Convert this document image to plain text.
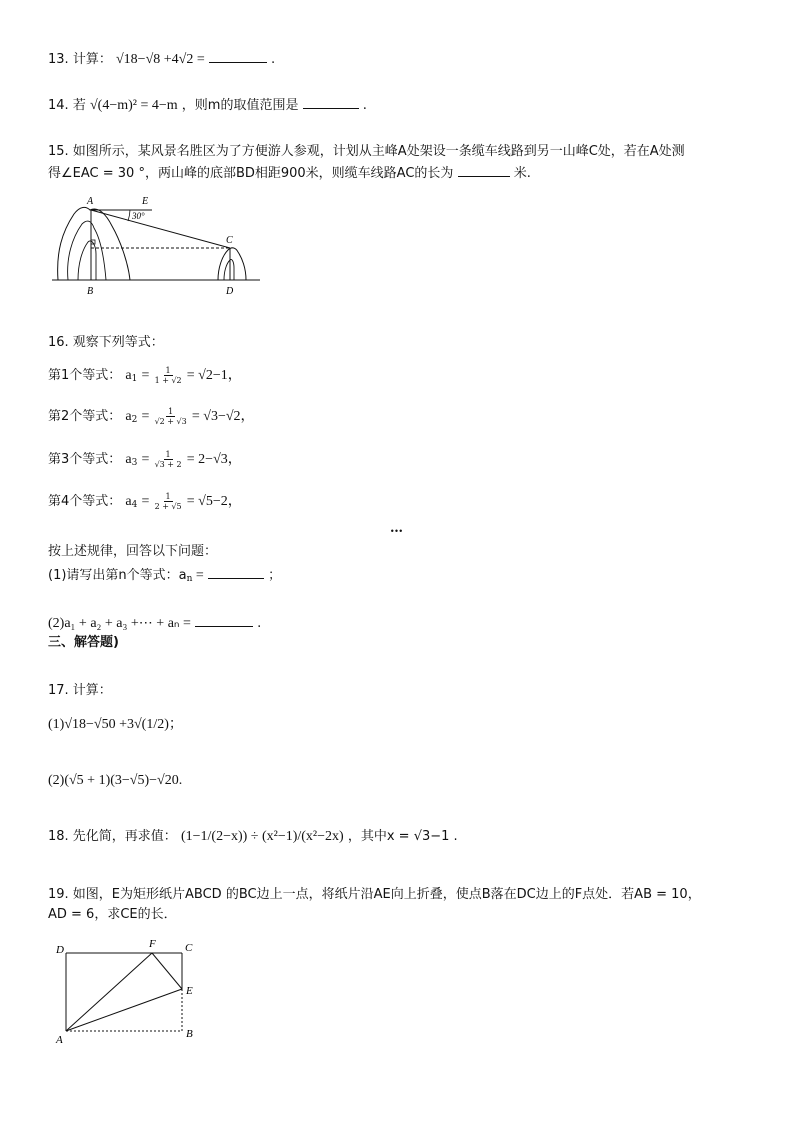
13. 计算： √18−√8 +4√2 =	.
14. 若 √(4−m)² = 4−m ，则m的取值范围是	.
15. 如图所示，某风景名胜区为了方便游人参观，计划从主峰A处架设一条缆车线路到另一山峰C处，若在A处测
得∠EAC = 30 °，两山峰的底部BD相距900米，则缆车线路AC的长为	米.
A	E
30°
C
B	D
16. 观察下列等式：
第1个等式： $a_1 = \frac{1}{1 + √2} = √2-1$，
第2个等式： $a_2 = \frac{1}{√2 + √3} = √3-√2$，
第3个等式： $a_3 = \frac{1}{√3 + 2} = 2-√3$，
第4个等式： $a_4 = \frac{1}{2 + √5} = √5-2$，
…
按上述规律，回答以下问题：
(1)请写出第n个等式：$a_n$ =	；
(2)a₁ + a₂ + a₃ +⋯ + aₙ =	.
三、解答题)
17. 计算：
(1)√18−√50 +3√(1/2)；
(2)(√5 + 1)(3−√5)−√20.
18. 先化简，再求值： (1−1/(2−x)) ÷ (x²−1)/(x²−2x) ，其中x = √3−1 .
19. 如图，E为矩形纸片ABCD 的BC边上一点，将纸片沿AE向上折叠，使点B落在DC边上的F点处．若AB = 10，
AD = 6，求CE的长．
D	F	C
E
A	B
